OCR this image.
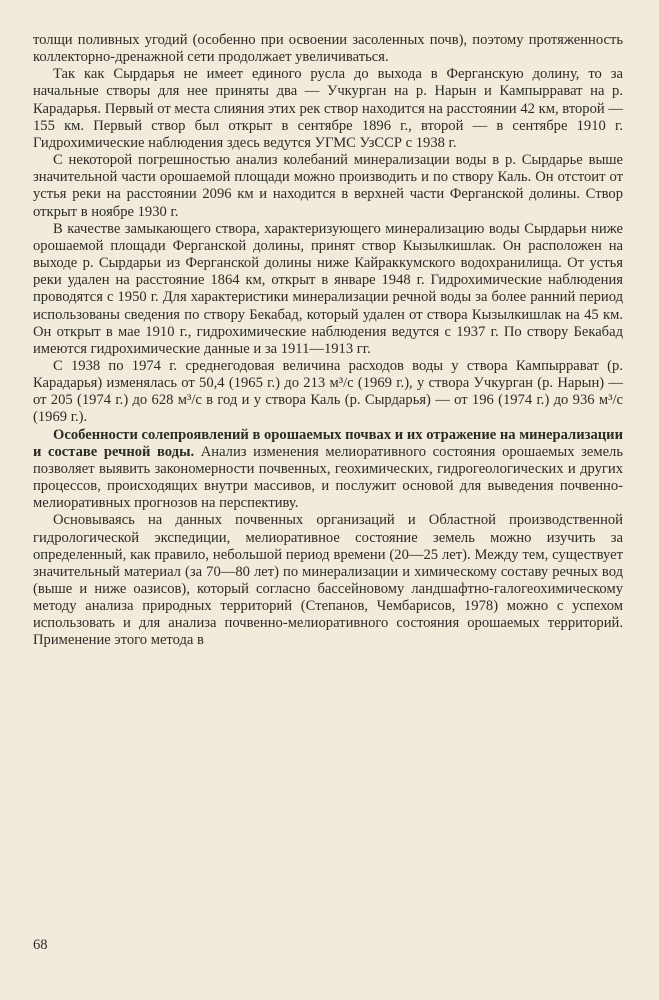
толщи поливных угодий (особенно при освоении засоленных почв), поэтому протяженность коллекторно-дренажной сети продолжает увеличиваться.

Так как Сырдарья не имеет единого русла до выхода в Ферганскую долину, то за начальные створы для нее приняты два — Учкурган на р. Нарын и Кампыррават на р. Карадарья. Первый от места слияния этих рек створ находится на расстоянии 42 км, второй —155 км. Первый створ был открыт в сентябре 1896 г., второй — в сентябре 1910 г. Гидрохимические наблюдения здесь ведутся УГМС УзССР с 1938 г.

С некоторой погрешностью анализ колебаний минерализации воды в р. Сырдарье выше значительной части орошаемой площади можно производить и по створу Каль. Он отстоит от устья реки на расстоянии 2096 км и находится в верхней части Ферганской долины. Створ открыт в ноябре 1930 г.

В качестве замыкающего створа, характеризующего минерализацию воды Сырдарьи ниже орошаемой площади Ферганской долины, принят створ Кызылкишлак. Он расположен на выходе р. Сырдарьи из Ферганской долины ниже Кайраккумского водохранилища. От устья реки удален на расстояние 1864 км, открыт в январе 1948 г. Гидрохимические наблюдения проводятся с 1950 г. Для характеристики минерализации речной воды за более ранний период использованы сведения по створу Бекабад, который удален от створа Кызылкишлак на 45 км. Он открыт в мае 1910 г., гидрохимические наблюдения ведутся с 1937 г. По створу Бекабад имеются гидрохимические данные и за 1911—1913 гг.

С 1938 по 1974 г. среднегодовая величина расходов воды у створа Кампыррават (р. Карадарья) изменялась от 50,4 (1965 г.) до 213 м³/с (1969 г.), у створа Учкурган (р. Нарын) — от 205 (1974 г.) до 628 м³/с в год и у створа Каль (р. Сырдарья) — от 196 (1974 г.) до 936 м³/с (1969 г.).

Особенности солепроявлений в орошаемых почвах и их отражение на минерализации и составе речной воды. Анализ изменения мелиоративного состояния орошаемых земель позволяет выявить закономерности почвенных, геохимических, гидрогеологических и других процессов, происходящих внутри массивов, и послужит основой для выведения почвенно-мелиоративных прогнозов на перспективу.

Основываясь на данных почвенных организаций и Областной производственной гидрологической экспедиции, мелиоративное состояние земель можно изучить за определенный, как правило, небольшой период времени (20—25 лет). Между тем, существует значительный материал (за 70—80 лет) по минерализации и химическому составу речных вод (выше и ниже оазисов), который согласно бассейновому ландшафтно-галогеохимическому методу анализа природных территорий (Степанов, Чембарисов, 1978) можно с успехом использовать и для анализа почвенно-мелиоративного состояния орошаемых территорий. Применение этого метода в

68
